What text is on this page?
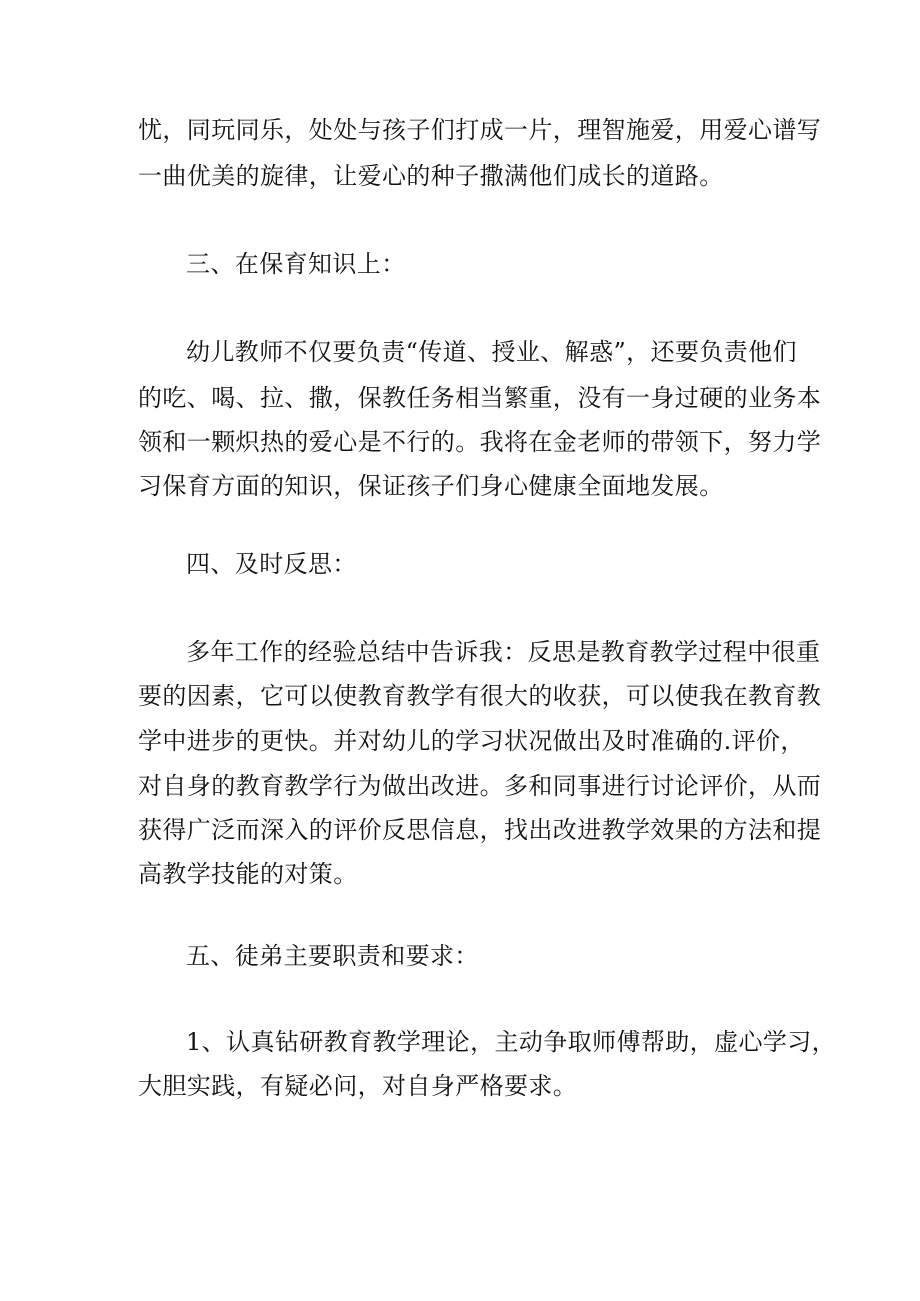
忧，同玩同乐，处处与孩子们打成一片，理智施爱，用爱心谱写
一曲优美的旋律，让爱心的种子撒满他们成长的道路。
三、在保育知识上：
幼儿教师不仅要负责“传道、授业、解惑”，还要负责他们
的吃、喝、拉、撒，保教任务相当繁重，没有一身过硬的业务本
领和一颗炽热的爱心是不行的。我将在金老师的带领下，努力学
习保育方面的知识，保证孩子们身心健康全面地发展。
四、及时反思：
多年工作的经验总结中告诉我：反思是教育教学过程中很重
要的因素，它可以使教育教学有很大的收获，可以使我在教育教
学中进步的更快。并对幼儿的学习状况做出及时准确的.评价，
对自身的教育教学行为做出改进。多和同事进行讨论评价，从而
获得广泛而深入的评价反思信息，找出改进教学效果的方法和提
高教学技能的对策。
五、徒弟主要职责和要求：
1、认真钻研教育教学理论，主动争取师傅帮助，虚心学习，
大胆实践，有疑必问，对自身严格要求。
